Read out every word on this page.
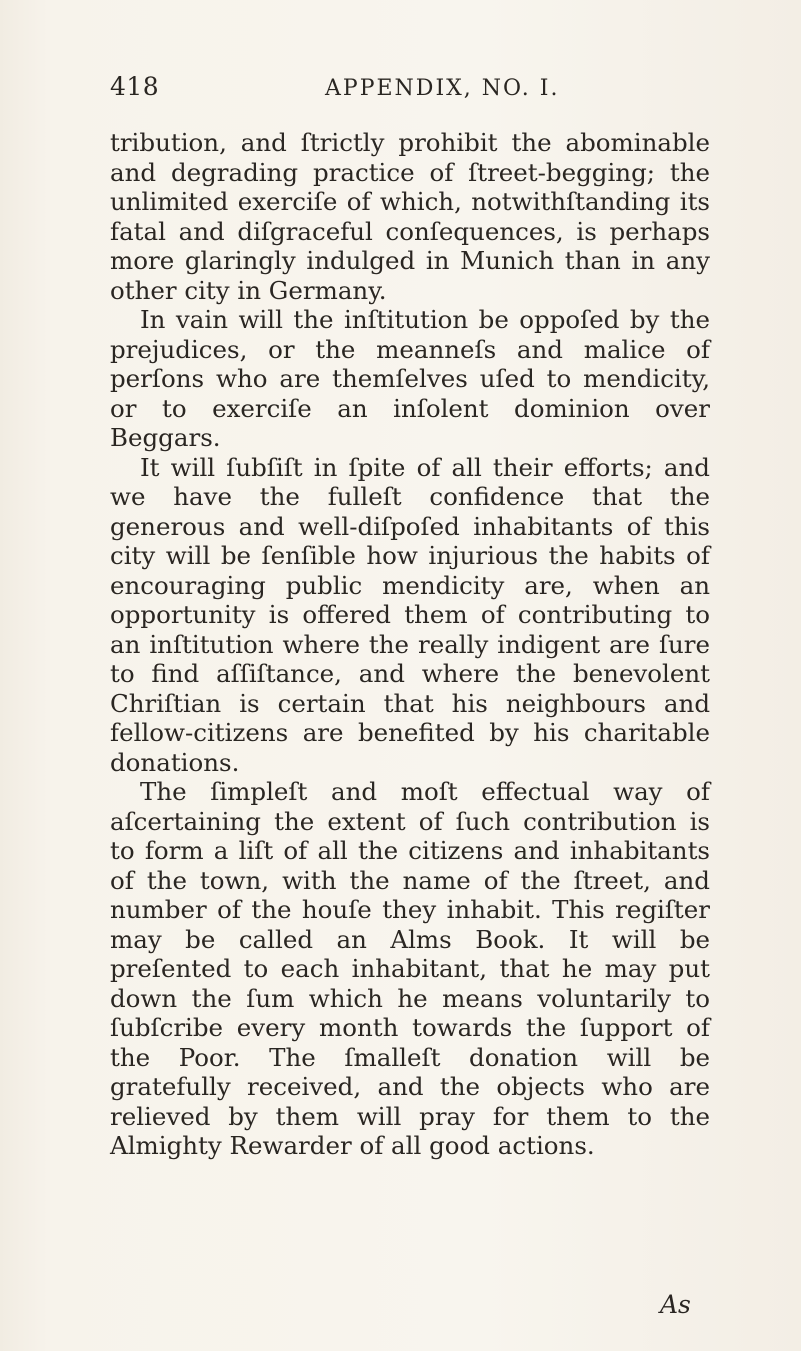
418	APPENDIX, NO. I.

tribution, and ſtrictly prohibit the abominable and degrading practice of ſtreet-begging; the unlimited exerciſe of which, notwithſtanding its fatal and diſgraceful conſequences, is perhaps more glaringly indulged in Munich than in any other city in Germany.

In vain will the inſtitution be oppoſed by the prejudices, or the meanneſs and malice of perſons who are themſelves uſed to mendicity, or to exerciſe an inſolent dominion over Beggars.

It will ſubſiſt in ſpite of all their efforts; and we have the fulleſt confidence that the generous and well-diſpoſed inhabitants of this city will be ſenſible how injurious the habits of encouraging public mendicity are, when an opportunity is offered them of contributing to an inſtitution where the really indigent are ſure to find aſſiſtance, and where the benevolent Chriſtian is certain that his neighbours and fellow-citizens are benefited by his charitable donations.

The ſimpleſt and moſt effectual way of aſcertaining the extent of ſuch contribution is to form a liſt of all the citizens and inhabitants of the town, with the name of the ſtreet, and number of the houſe they inhabit. This regiſter may be called an Alms Book. It will be preſented to each inhabitant, that he may put down the ſum which he means voluntarily to ſubſcribe every month towards the ſupport of the Poor. The ſmalleſt donation will be gratefully received, and the objects who are relieved by them will pray for them to the Almighty Rewarder of all good actions.

As
